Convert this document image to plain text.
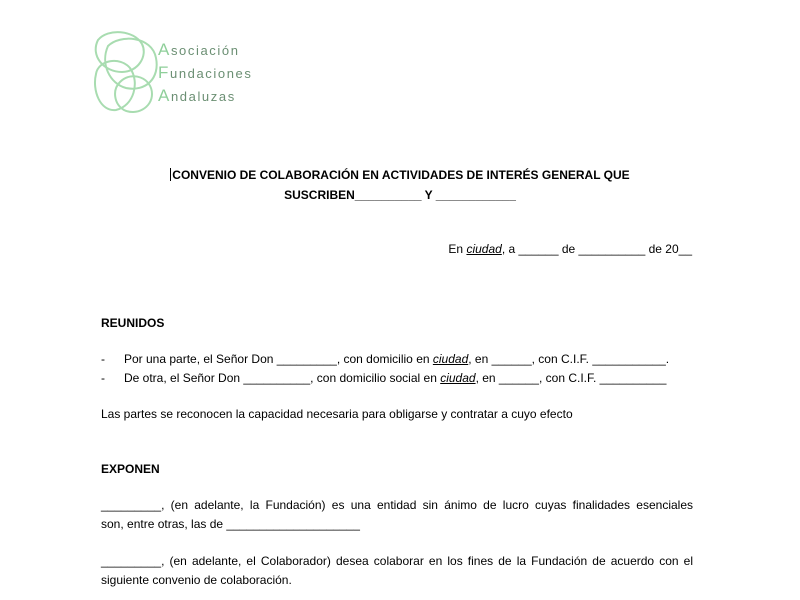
Asociación
Fundaciones
Andaluzas
CONVENIO DE COLABORACIÓN EN ACTIVIDADES DE INTERÉS GENERAL QUE
SUSCRIBEN__________ Y ____________
En ciudad, a ______ de __________ de 20__
REUNIDOS
- Por una parte, el Señor Don _________, con domicilio en ciudad, en ______, con C.I.F. ___________.
- De otra, el Señor Don __________, con domicilio social en ciudad, en ______, con C.I.F. __________
Las partes se reconocen la capacidad necesaria para obligarse y contratar a cuyo efecto
EXPONEN
_________, (en adelante, la Fundación) es una entidad sin ánimo de lucro cuyas finalidades esenciales
son, entre otras, las de ____________________
_________, (en adelante, el Colaborador) desea colaborar en los fines de la Fundación de acuerdo con el
siguiente convenio de colaboración.
